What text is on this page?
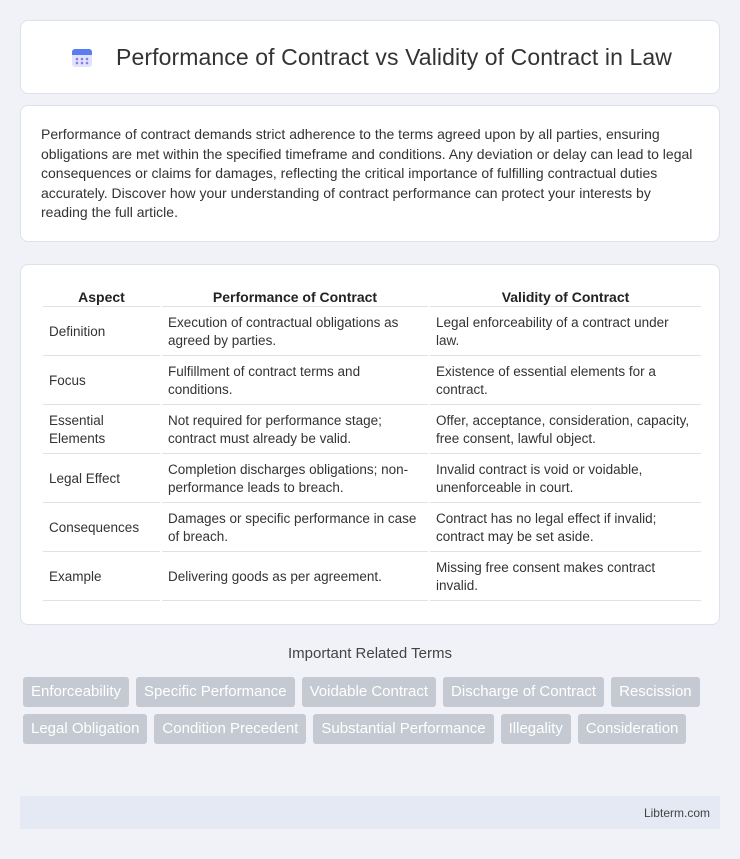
Performance of Contract vs Validity of Contract in Law

Performance of contract demands strict adherence to the terms agreed upon by all parties, ensuring obligations are met within the specified timeframe and conditions. Any deviation or delay can lead to legal consequences or claims for damages, reflecting the critical importance of fulfilling contractual duties accurately. Discover how your understanding of contract performance can protect your interests by reading the full article.

Aspect	Performance of Contract	Validity of Contract
Definition	Execution of contractual obligations as agreed by parties.	Legal enforceability of a contract under law.
Focus	Fulfillment of contract terms and conditions.	Existence of essential elements for a contract.
Essential Elements	Not required for performance stage; contract must already be valid.	Offer, acceptance, consideration, capacity, free consent, lawful object.
Legal Effect	Completion discharges obligations; non-performance leads to breach.	Invalid contract is void or voidable, unenforceable in court.
Consequences	Damages or specific performance in case of breach.	Contract has no legal effect if invalid; contract may be set aside.
Example	Delivering goods as per agreement.	Missing free consent makes contract invalid.
Important Related Terms
Enforceability	Specific Performance	Voidable Contract	Discharge of Contract	Rescission
Legal Obligation	Condition Precedent	Substantial Performance	Illegality	Consideration
Libterm.com
